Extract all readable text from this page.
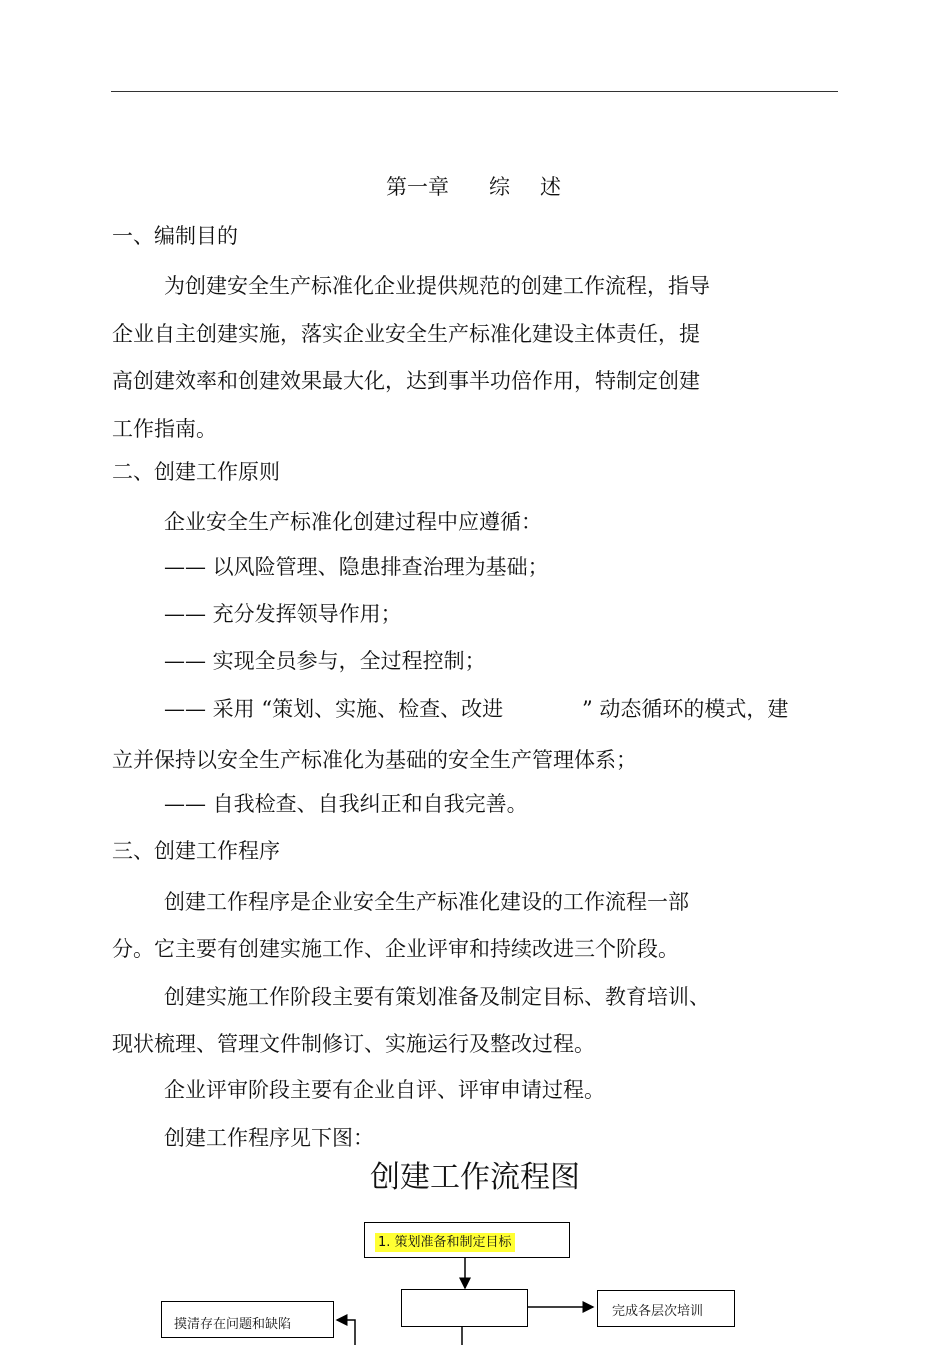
第一章 综 述
一、编制目的
为创建安全生产标准化企业提供规范的创建工作流程，指导
企业自主创建实施，落实企业安全生产标准化建设主体责任，提
高创建效率和创建效果最大化，达到事半功倍作用，特制定创建
工作指南。
二、创建工作原则
企业安全生产标准化创建过程中应遵循：
—— 以风险管理、隐患排查治理为基础；
—— 充分发挥领导作用；
—— 实现全员参与，全过程控制；
—— 采用 “策划、实施、检查、改进	” 动态循环的模式，建
立并保持以安全生产标准化为基础的安全生产管理体系；
—— 自我检查、自我纠正和自我完善。
三、创建工作程序
创建工作程序是企业安全生产标准化建设的工作流程一部
分。它主要有创建实施工作、企业评审和持续改进三个阶段。
创建实施工作阶段主要有策划准备及制定目标、教育培训、
现状梳理、管理文件制修订、实施运行及整改过程。
企业评审阶段主要有企业自评、评审申请过程。
创建工作程序见下图：
创建工作流程图
1. 策划准备和制定目标
完成各层次培训
摸清存在问题和缺陷
